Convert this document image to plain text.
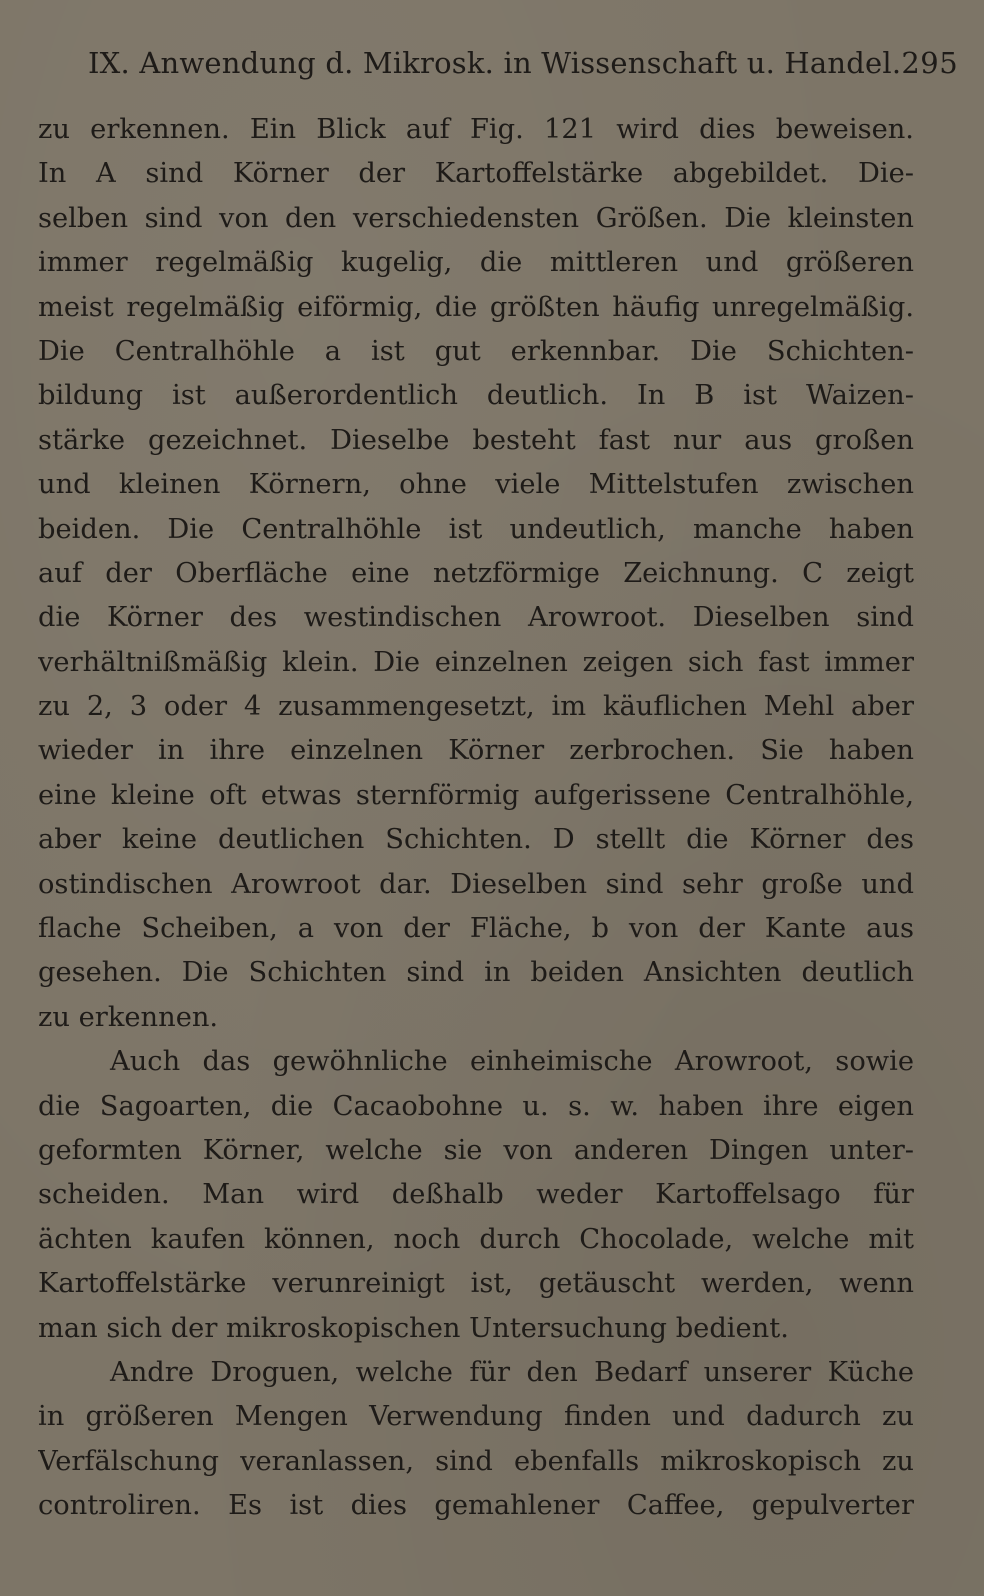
IX. Anwendung d. Mikrosk. in Wissenschaft u. Handel. 295
zu erkennen. Ein Blick auf Fig. 121 wird dies beweisen.
In A sind Körner der Kartoffelstärke abgebildet. Die-
selben sind von den verschiedensten Größen. Die kleinsten
immer regelmäßig kugelig, die mittleren und größeren
meist regelmäßig eiförmig, die größten häufig unregelmäßig.
Die Centralhöhle a ist gut erkennbar. Die Schichten-
bildung ist außerordentlich deutlich. In B ist Waizen-
stärke gezeichnet. Dieselbe besteht fast nur aus großen
und kleinen Körnern, ohne viele Mittelstufen zwischen
beiden. Die Centralhöhle ist undeutlich, manche haben
auf der Oberfläche eine netzförmige Zeichnung. C zeigt
die Körner des westindischen Arowroot. Dieselben sind
verhältnißmäßig klein. Die einzelnen zeigen sich fast immer
zu 2, 3 oder 4 zusammengesetzt, im käuflichen Mehl aber
wieder in ihre einzelnen Körner zerbrochen. Sie haben
eine kleine oft etwas sternförmig aufgerissene Centralhöhle,
aber keine deutlichen Schichten. D stellt die Körner des
ostindischen Arowroot dar. Dieselben sind sehr große und
flache Scheiben, a von der Fläche, b von der Kante aus
gesehen. Die Schichten sind in beiden Ansichten deutlich
zu erkennen.
Auch das gewöhnliche einheimische Arowroot, sowie
die Sagoarten, die Cacaobohne u. s. w. haben ihre eigen
geformten Körner, welche sie von anderen Dingen unter-
scheiden. Man wird deßhalb weder Kartoffelsago für
ächten kaufen können, noch durch Chocolade, welche mit
Kartoffelstärke verunreinigt ist, getäuscht werden, wenn
man sich der mikroskopischen Untersuchung bedient.
Andre Droguen, welche für den Bedarf unserer Küche
in größeren Mengen Verwendung finden und dadurch zu
Verfälschung veranlassen, sind ebenfalls mikroskopisch zu
controliren. Es ist dies gemahlener Caffee, gepulverter
